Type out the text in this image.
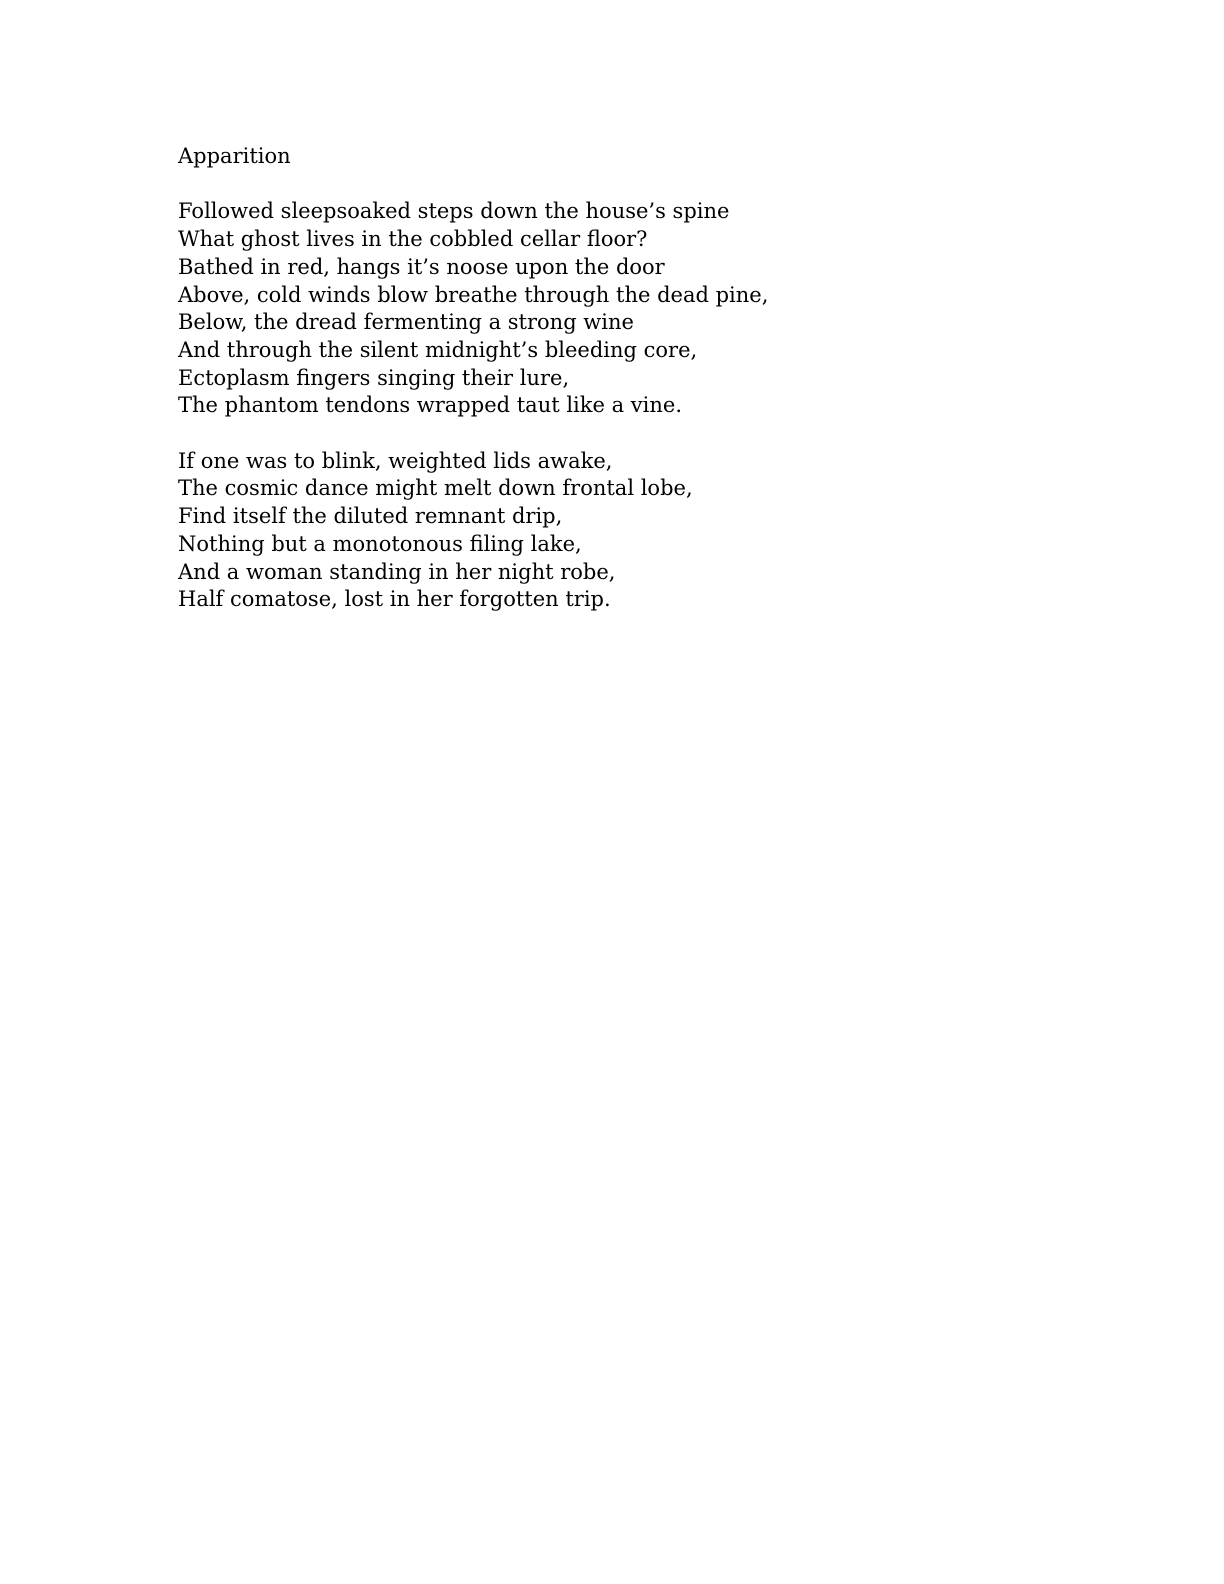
Apparition
Followed sleepsoaked steps down the house’s spine
What ghost lives in the cobbled cellar floor?
Bathed in red, hangs it’s noose upon the door
Above, cold winds blow breathe through the dead pine,
Below, the dread fermenting a strong wine
And through the silent midnight’s bleeding core,
Ectoplasm fingers singing their lure,
The phantom tendons wrapped taut like a vine.
If one was to blink, weighted lids awake,
The cosmic dance might melt down frontal lobe,
Find itself the diluted remnant drip,
Nothing but a monotonous filing lake,
And a woman standing in her night robe,
Half comatose, lost in her forgotten trip.
